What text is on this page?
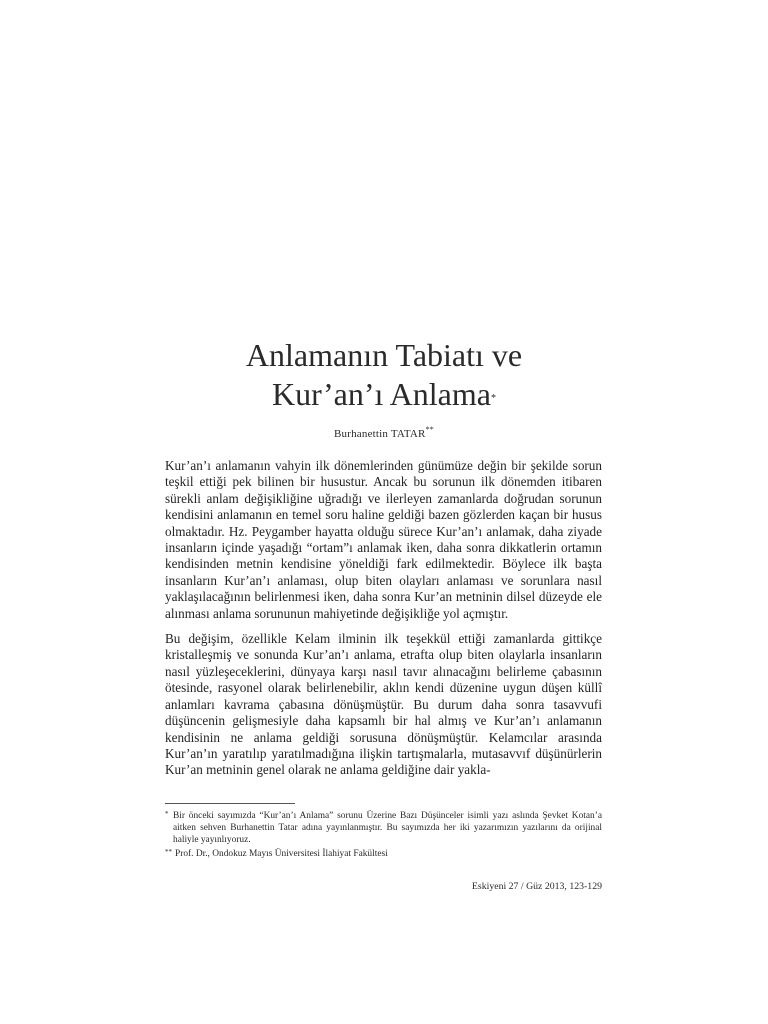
Anlamanın Tabiatı ve
Kur’an’ı Anlama*
Burhanettin TATAR**

Kur’an’ı anlamanın vahyin ilk dönemlerinden günümüze değin bir şekilde sorun teşkil ettiği pek bilinen bir husustur. Ancak bu sorunun ilk dönemden itibaren sürekli anlam değişikliğine uğradığı ve ilerleyen zamanlarda doğrudan sorunun kendisini anlamanın en temel soru haline geldiği bazen gözlerden kaçan bir husus olmaktadır. Hz. Peygamber hayatta olduğu sürece Kur’an’ı anlamak, daha ziyade insanların içinde yaşadığı “ortam”ı anlamak iken, daha sonra dikkatlerin ortamın kendisinden metnin kendisine yöneldiği fark edilmektedir. Böylece ilk başta insanların Kur’an’ı anlaması, olup biten olayları anlaması ve sorunlara nasıl yaklaşılacağının belirlenmesi iken, daha sonra Kur’an metninin dilsel düzeyde ele alınması anlama sorununun mahiyetinde değişikliğe yol açmıştır.

Bu değişim, özellikle Kelam ilminin ilk teşekkül ettiği zamanlarda gittikçe kristalleşmiş ve sonunda Kur’an’ı anlama, etrafta olup biten olaylarla insanların nasıl yüzleşeceklerini, dünyaya karşı nasıl tavır alınacağını belirleme çabasının ötesinde, rasyonel olarak belirlenebilir, aklın kendi düzenine uygun düşen küllî anlamları kavrama çabasına dönüşmüştür. Bu durum daha sonra tasavvufi düşüncenin gelişmesiyle daha kapsamlı bir hal almış ve Kur’an’ı anlamanın kendisinin ne anlama geldiği sorusuna dönüşmüştür. Kelamcılar arasında Kur’an’ın yaratılıp yaratılmadığına ilişkin tartışmalarla, mutasavvıf düşünürlerin Kur’an metninin genel olarak ne anlama geldiğine dair yakla-

* Bir önceki sayımızda “Kur’an’ı Anlama” sorunu Üzerine Bazı Düşünceler isimli yazı aslında Şevket Kotan’a aitken sehven Burhanettin Tatar adına yayınlanmıştır. Bu sayımızda her iki yazarımızın yazılarını da orijinal haliyle yayınlıyoruz.
** Prof. Dr., Ondokuz Mayıs Üniversitesi İlahiyat Fakültesi
Eskiyeni 27 / Güz 2013, 123-129
